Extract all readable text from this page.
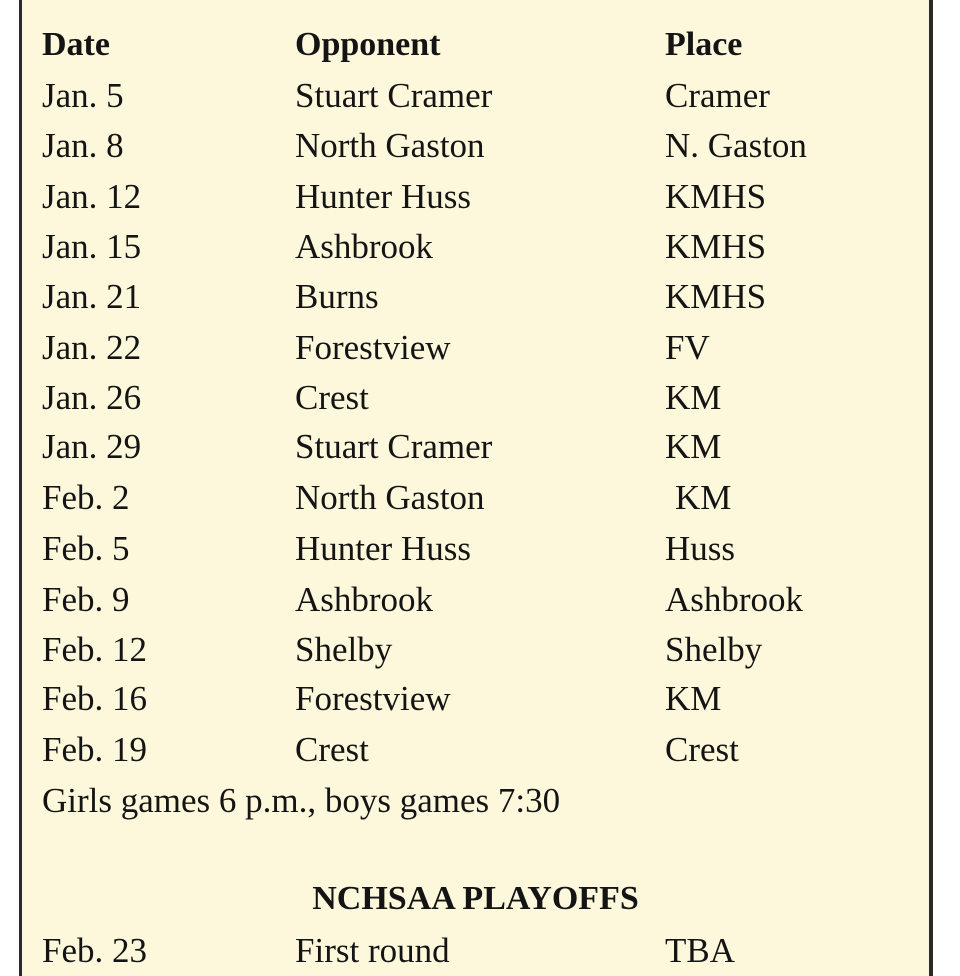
Date	Opponent	Place
Jan. 5	Stuart Cramer	Cramer
Jan. 8	North Gaston	N. Gaston
Jan. 12	Hunter Huss	KMHS
Jan. 15	Ashbrook	KMHS
Jan. 21	Burns	KMHS
Jan. 22	Forestview	FV
Jan. 26	Crest	KM
Jan. 29	Stuart Cramer	KM
Feb. 2	North Gaston	KM
Feb. 5	Hunter Huss	Huss
Feb. 9	Ashbrook	Ashbrook
Feb. 12	Shelby	Shelby
Feb. 16	Forestview	KM
Feb. 19	Crest	Crest
Girls games 6 p.m., boys games 7:30
NCHSAA PLAYOFFS
Feb. 23	First round	TBA
